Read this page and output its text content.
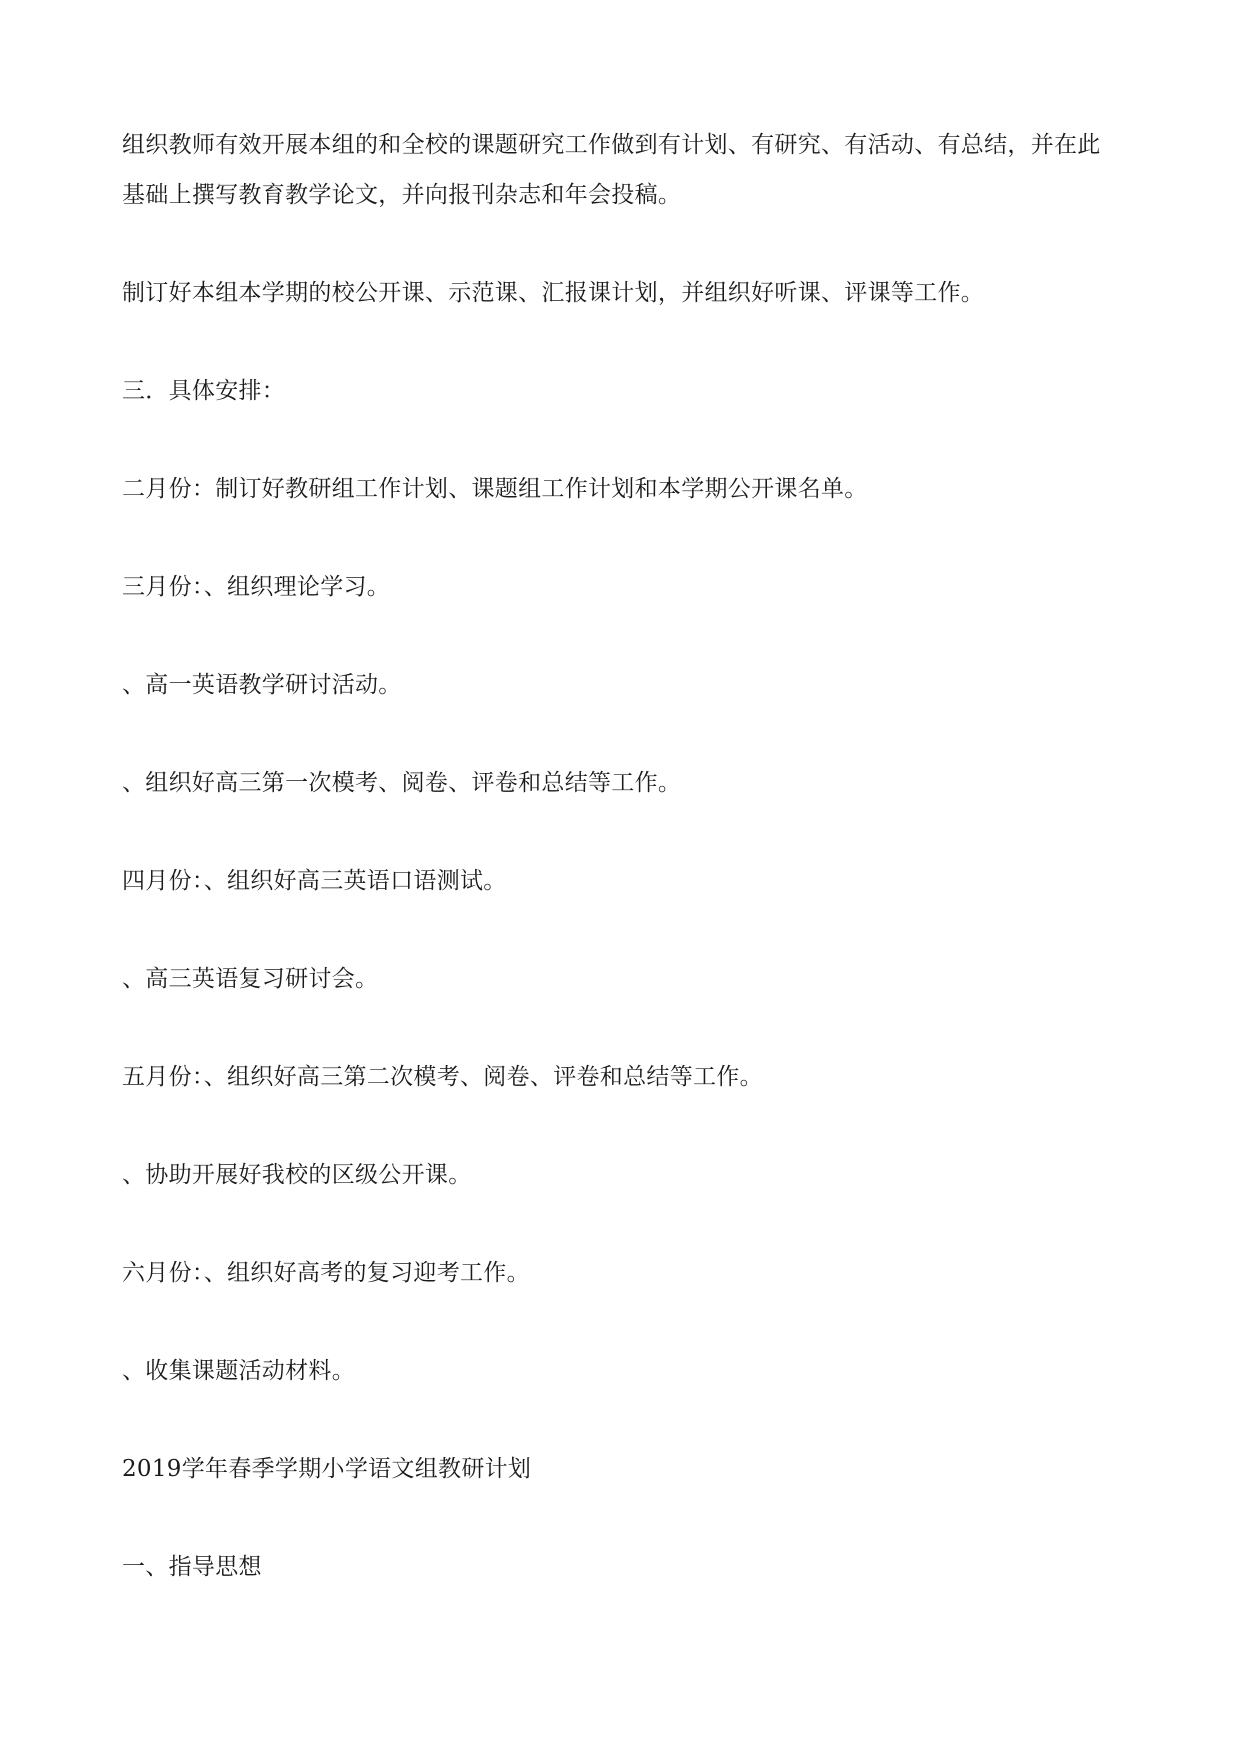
组织教师有效开展本组的和全校的课题研究工作做到有计划、有研究、有活动、有总结，并在此基础上撰写教育教学论文，并向报刊杂志和年会投稿。

制订好本组本学期的校公开课、示范课、汇报课计划，并组织好听课、评课等工作。

三．具体安排：

二月份：制订好教研组工作计划、课题组工作计划和本学期公开课名单。

三月份：、组织理论学习。

、高一英语教学研讨活动。

、组织好高三第一次模考、阅卷、评卷和总结等工作。

四月份：、组织好高三英语口语测试。

、高三英语复习研讨会。

五月份：、组织好高三第二次模考、阅卷、评卷和总结等工作。

、协助开展好我校的区级公开课。

六月份：、组织好高考的复习迎考工作。

、收集课题活动材料。

2019学年春季学期小学语文组教研计划

一、指导思想
